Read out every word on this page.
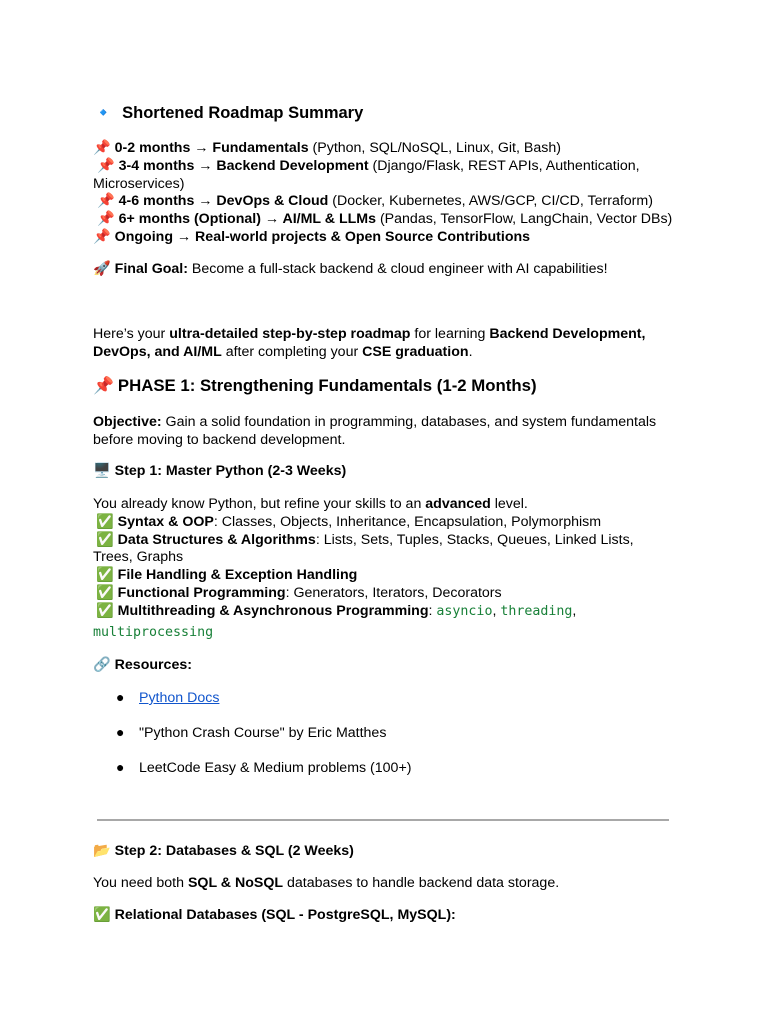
🔹 Shortened Roadmap Summary
📌 0-2 months → Fundamentals (Python, SQL/NoSQL, Linux, Git, Bash)
📌 3-4 months → Backend Development (Django/Flask, REST APIs, Authentication,
Microservices)
📌 4-6 months → DevOps & Cloud (Docker, Kubernetes, AWS/GCP, CI/CD, Terraform)
📌 6+ months (Optional) → AI/ML & LLMs (Pandas, TensorFlow, LangChain, Vector DBs)
📌 Ongoing → Real-world projects & Open Source Contributions
🚀 Final Goal: Become a full-stack backend & cloud engineer with AI capabilities!
Here’s your ultra-detailed step-by-step roadmap for learning Backend Development,
DevOps, and AI/ML after completing your CSE graduation.
📌 PHASE 1: Strengthening Fundamentals (1-2 Months)
Objective: Gain a solid foundation in programming, databases, and system fundamentals
before moving to backend development.
🖥️ Step 1: Master Python (2-3 Weeks)
You already know Python, but refine your skills to an advanced level.
✅ Syntax & OOP: Classes, Objects, Inheritance, Encapsulation, Polymorphism
✅ Data Structures & Algorithms: Lists, Sets, Tuples, Stacks, Queues, Linked Lists,
Trees, Graphs
✅ File Handling & Exception Handling
✅ Functional Programming: Generators, Iterators, Decorators
✅ Multithreading & Asynchronous Programming: asyncio, threading,
multiprocessing
🔗 Resources:
● Python Docs
● "Python Crash Course" by Eric Matthes
● LeetCode Easy & Medium problems (100+)
📂 Step 2: Databases & SQL (2 Weeks)
You need both SQL & NoSQL databases to handle backend data storage.
✅ Relational Databases (SQL - PostgreSQL, MySQL):
